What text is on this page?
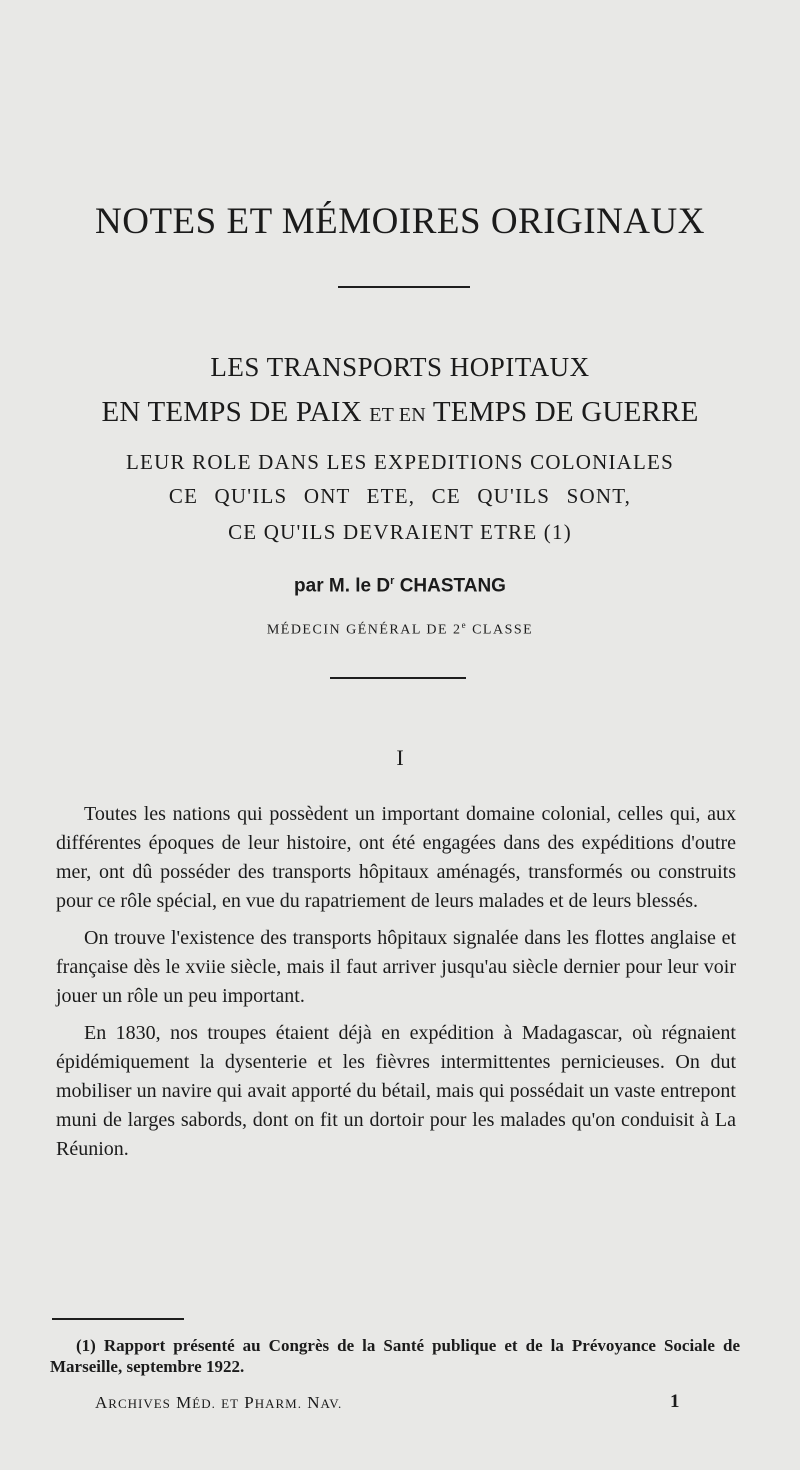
NOTES ET MÉMOIRES ORIGINAUX
LES TRANSPORTS HOPITAUX
EN TEMPS DE PAIX ET EN TEMPS DE GUERRE
LEUR ROLE DANS LES EXPEDITIONS COLONIALES
CE QU'ILS ONT ETE, CE QU'ILS SONT,
CE QU'ILS DEVRAIENT ETRE (1)
par M. le $D^r$ CHASTANG
MÉDECIN GÉNÉRAL DE 2e CLASSE
I

Toutes les nations qui possèdent un important domaine colonial, celles qui, aux différentes époques de leur histoire, ont été engagées dans des expéditions d'outre mer, ont dû posséder des transports hôpitaux aménagés, transformés ou construits pour ce rôle spécial, en vue du rapatriement de leurs malades et de leurs blessés.

On trouve l'existence des transports hôpitaux signalée dans les flottes anglaise et française dès le xviie siècle, mais il faut arriver jusqu'au siècle dernier pour leur voir jouer un rôle un peu important.

En 1830, nos troupes étaient déjà en expédition à Madagascar, où régnaient épidémiquement la dysenterie et les fièvres intermittentes pernicieuses. On dut mobiliser un navire qui avait apporté du bétail, mais qui possédait un vaste entrepont muni de larges sabords, dont on fit un dortoir pour les malades qu'on conduisit à La Réunion.

(1) Rapport présenté au Congrès de la Santé publique et de la Prévoyance Sociale de Marseille, septembre 1922.

ARCHIVES MÉD. ET PHARM. NAV.	1
